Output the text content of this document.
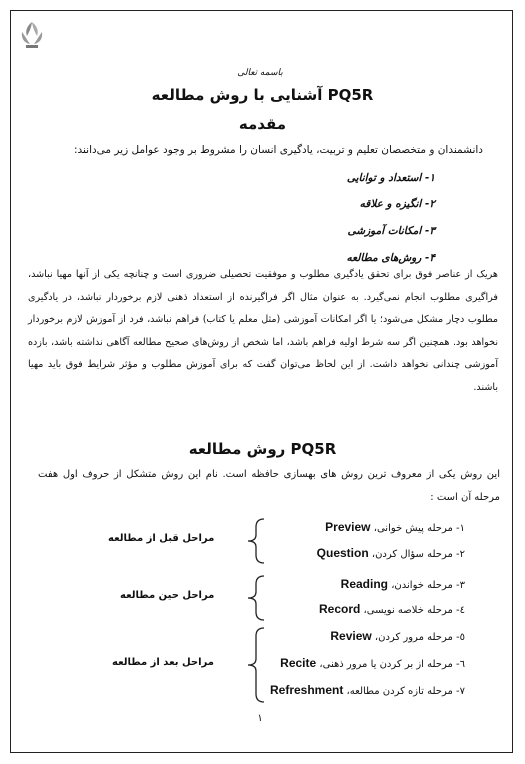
باسمه تعالی
آشنایی با روش مطالعه PQ5R
مقدمه
دانشمندان و متخصصان تعلیم و تربیت، یادگیری انسان را مشروط بر وجود عوامل زیر می‌دانند:
۱- استعداد و توانایی
۲- انگیزه و علاقه
۳- امکانات آموزشی
۴- روش‌های مطالعه
هریک از عناصر فوق برای تحقق یادگیری مطلوب و موفقیت تحصیلی ضروری است و چنانچه یکی از آنها مهیا نباشد، فراگیری مطلوب انجام نمی‌گیرد. به عنوان مثال اگر فراگیرنده از استعداد ذهنی لازم برخوردار نباشد، در یادگیری مطلوب دچار مشکل می‌شود؛ یا اگر امکانات آموزشی (مثل معلم یا کتاب) فراهم نباشد، فرد از آموزش لازم برخوردار نخواهد بود. همچنین اگر سه شرط اولیه فراهم باشد، اما شخص از روش‌های صحیح مطالعه آگاهی نداشته باشد، بازده آموزشی چندانی نخواهد داشت. از این لحاظ می‌توان گفت که برای آموزش مطلوب و مؤثر شرایط فوق باید مهیا باشند.
روش مطالعه PQ5R
این روش یکی از معروف ترین روش های بهسازی حافظه است. نام این روش متشکل از حروف اول هفت مرحله آن است :
۱- مرحله پیش خوانی، Preview
۲- مرحله سؤال کردن، Question
۳- مرحله خواندن، Reading
٤- مرحله خلاصه نویسی، Record
٥- مرحله مرور کردن، Review
٦- مرحله از بر کردن یا مرور ذهنی، Recite
٧- مرحله تازه کردن مطالعه، Refreshment
مراحل قبل از مطالعه
مراحل حین مطالعه
مراحل بعد از مطالعه
۱
